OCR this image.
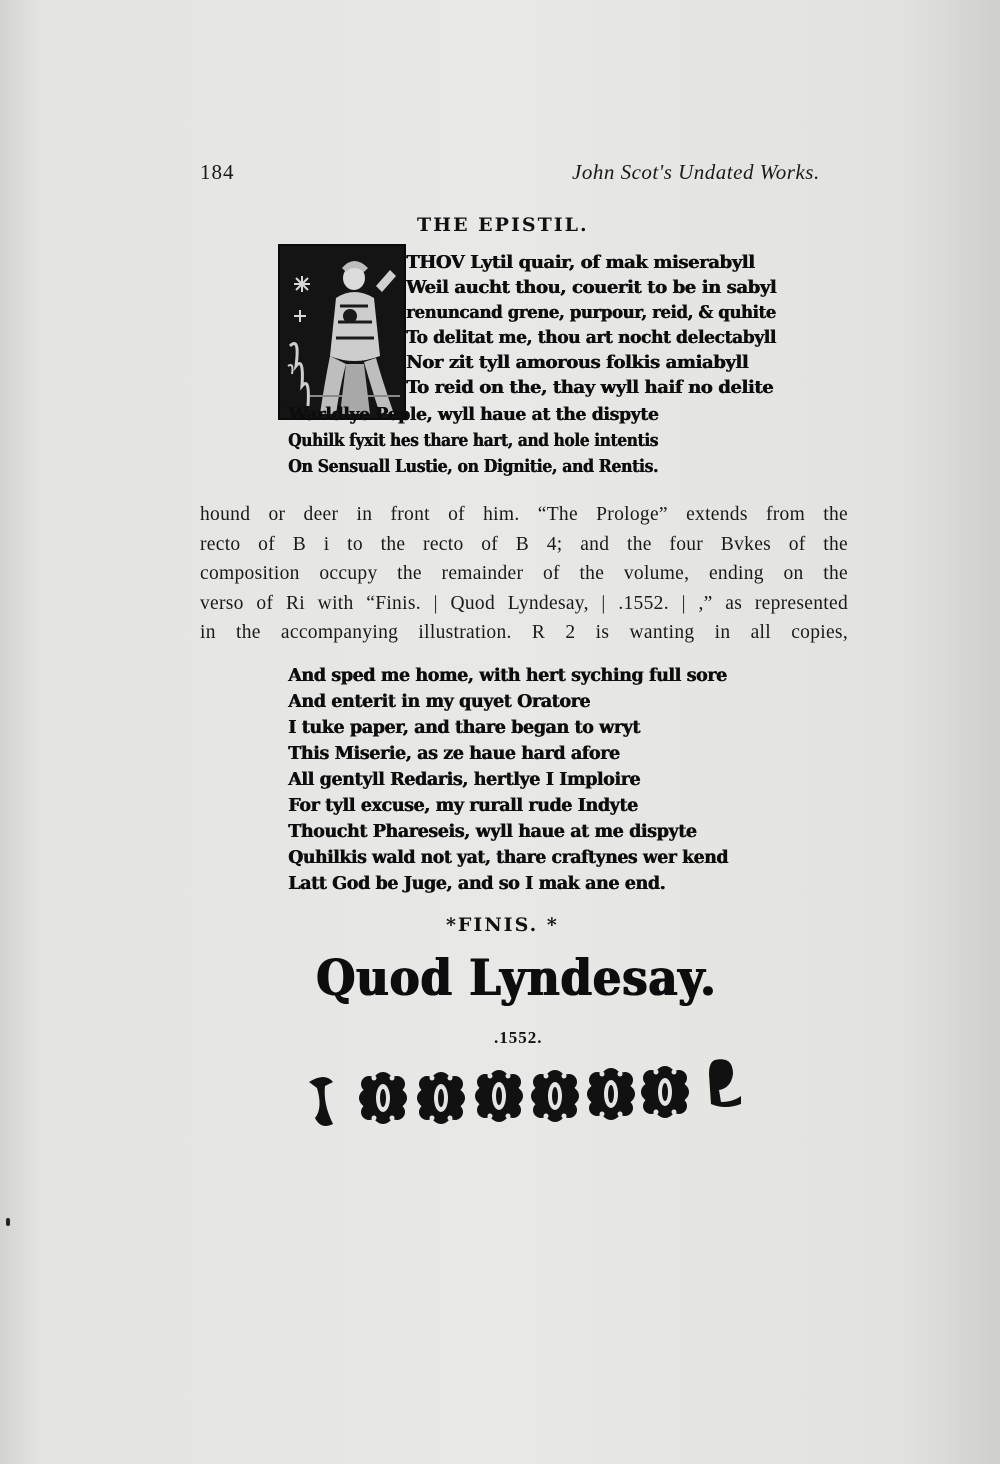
184	John Scot's Undated Works.
THE EPISTIL.
THOV Lytil quair, of mak miserabyll
Weil aucht thou, couerit to be in sabyl
renuncand grene, purpour, reid, & quhite
To delitat me, thou art nocht delectabyll
Nor zit tyll amorous folkis amiabyll
To reid on the, thay wyll haif no delite
Warldlye Peple, wyll haue at the dispyte
Quhilk fyxit hes thare hart, and hole intentis
On Sensuall Lustie, on Dignitie, and Rentis.
hound or deer in front of him. “The Prologe” extends from the
recto of B i to the recto of B 4; and the four Bvkes of the
composition occupy the remainder of the volume, ending on the
verso of Ri with “Finis. | Quod Lyndesay, | .1552. | ,” as represented
in the accompanying illustration. R 2 is wanting in all copies,
And sped me home, with hert syching full sore
And enterit in my quyet Oratore
I tuke paper, and thare began to wryt
This Miserie, as ze haue hard afore
All gentyll Redaris, hertlye I Imploire
For tyll excuse, my rurall rude Indyte
Thoucht Phareseis, wyll haue at me dispyte
Quhilkis wald not yat, thare craftynes wer kend
Latt God be Juge, and so I mak ane end.
*FINIS. *
Quod Lyndesay.
.1552.
